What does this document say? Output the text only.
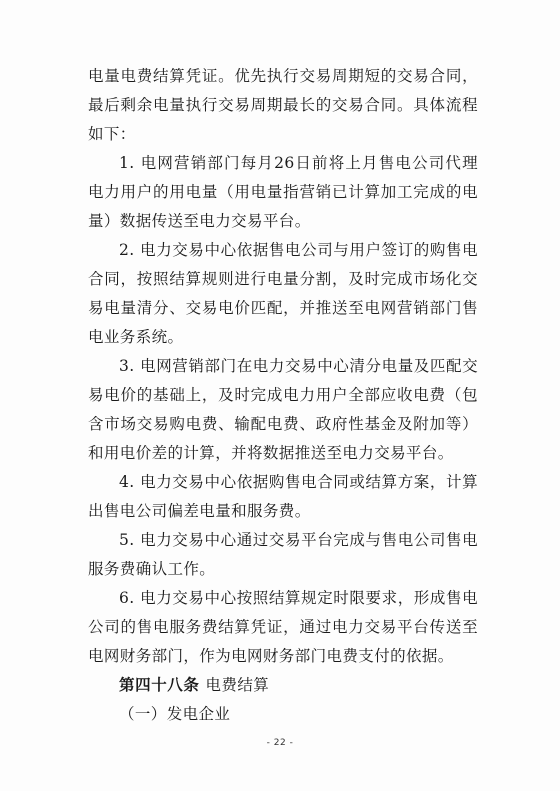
电量电费结算凭证。优先执行交易周期短的交易合同，最后剩余电量执行交易周期最长的交易合同。具体流程如下：

1. 电网营销部门每月26日前将上月售电公司代理电力用户的用电量（用电量指营销已计算加工完成的电量）数据传送至电力交易平台。

2. 电力交易中心依据售电公司与用户签订的购售电合同，按照结算规则进行电量分割，及时完成市场化交易电量清分、交易电价匹配，并推送至电网营销部门售电业务系统。

3. 电网营销部门在电力交易中心清分电量及匹配交易电价的基础上，及时完成电力用户全部应收电费（包含市场交易购电费、输配电费、政府性基金及附加等）和用电价差的计算，并将数据推送至电力交易平台。

4. 电力交易中心依据购售电合同或结算方案，计算出售电公司偏差电量和服务费。

5. 电力交易中心通过交易平台完成与售电公司售电服务费确认工作。

6. 电力交易中心按照结算规定时限要求，形成售电公司的售电服务费结算凭证，通过电力交易平台传送至电网财务部门，作为电网财务部门电费支付的依据。

第四十八条 电费结算

（一）发电企业

- 22 -
